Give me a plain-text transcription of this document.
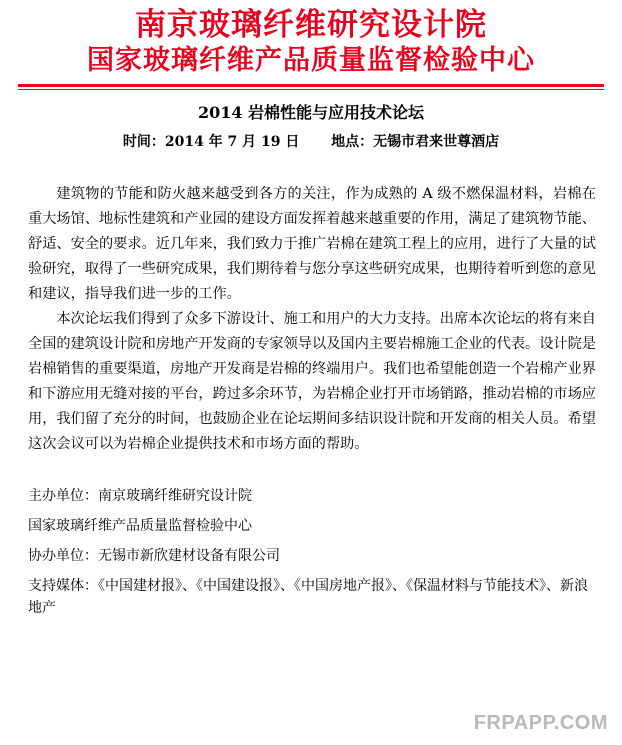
南京玻璃纤维研究设计院
国家玻璃纤维产品质量监督检验中心
2014 岩棉性能与应用技术论坛
时间：2014 年 7 月 19 日 地点：无锡市君来世尊酒店

建筑物的节能和防火越来越受到各方的关注，作为成熟的 A 级不燃保温材料，岩棉在重大场馆、地标性建筑和产业园的建设方面发挥着越来越重要的作用，满足了建筑物节能、舒适、安全的要求。近几年来，我们致力于推广岩棉在建筑工程上的应用，进行了大量的试验研究，取得了一些研究成果，我们期待着与您分享这些研究成果，也期待着听到您的意见和建议，指导我们进一步的工作。

本次论坛我们得到了众多下游设计、施工和用户的大力支持。出席本次论坛的将有来自全国的建筑设计院和房地产开发商的专家领导以及国内主要岩棉施工企业的代表。设计院是岩棉销售的重要渠道，房地产开发商是岩棉的终端用户。我们也希望能创造一个岩棉产业界和下游应用无缝对接的平台，跨过多余环节，为岩棉企业打开市场销路，推动岩棉的市场应用，我们留了充分的时间，也鼓励企业在论坛期间多结识设计院和开发商的相关人员。希望这次会议可以为岩棉企业提供技术和市场方面的帮助。

主办单位：南京玻璃纤维研究设计院
国家玻璃纤维产品质量监督检验中心
协办单位：无锡市新欣建材设备有限公司
支持媒体：《中国建材报》、《中国建设报》、《中国房地产报》、《保温材料与节能技术》、新浪地产
FRPAPP.COM
